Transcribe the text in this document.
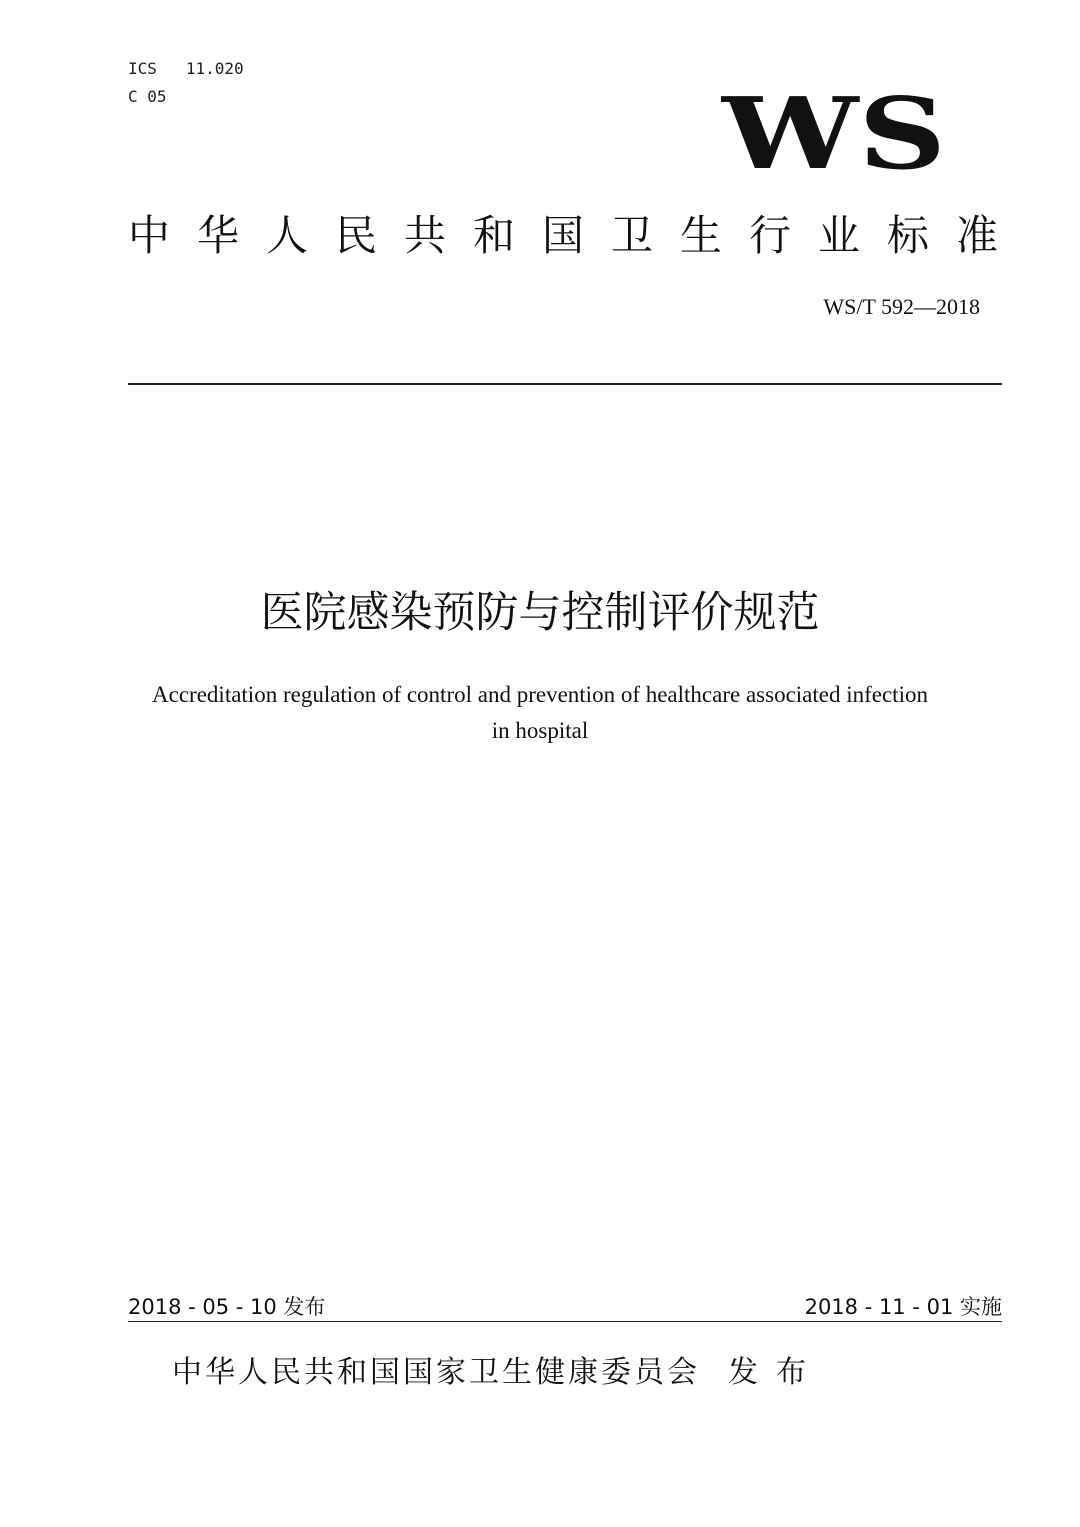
ICS 11.020
C 05	WS
中华人民共和国卫生行业标准
WS/T 592—2018
医院感染预防与控制评价规范
Accreditation regulation of control and prevention of healthcare associated infection
in hospital
2018 - 05 - 10 发布	2018 - 11 - 01 实施
中华人民共和国国家卫生健康委员会 发布
